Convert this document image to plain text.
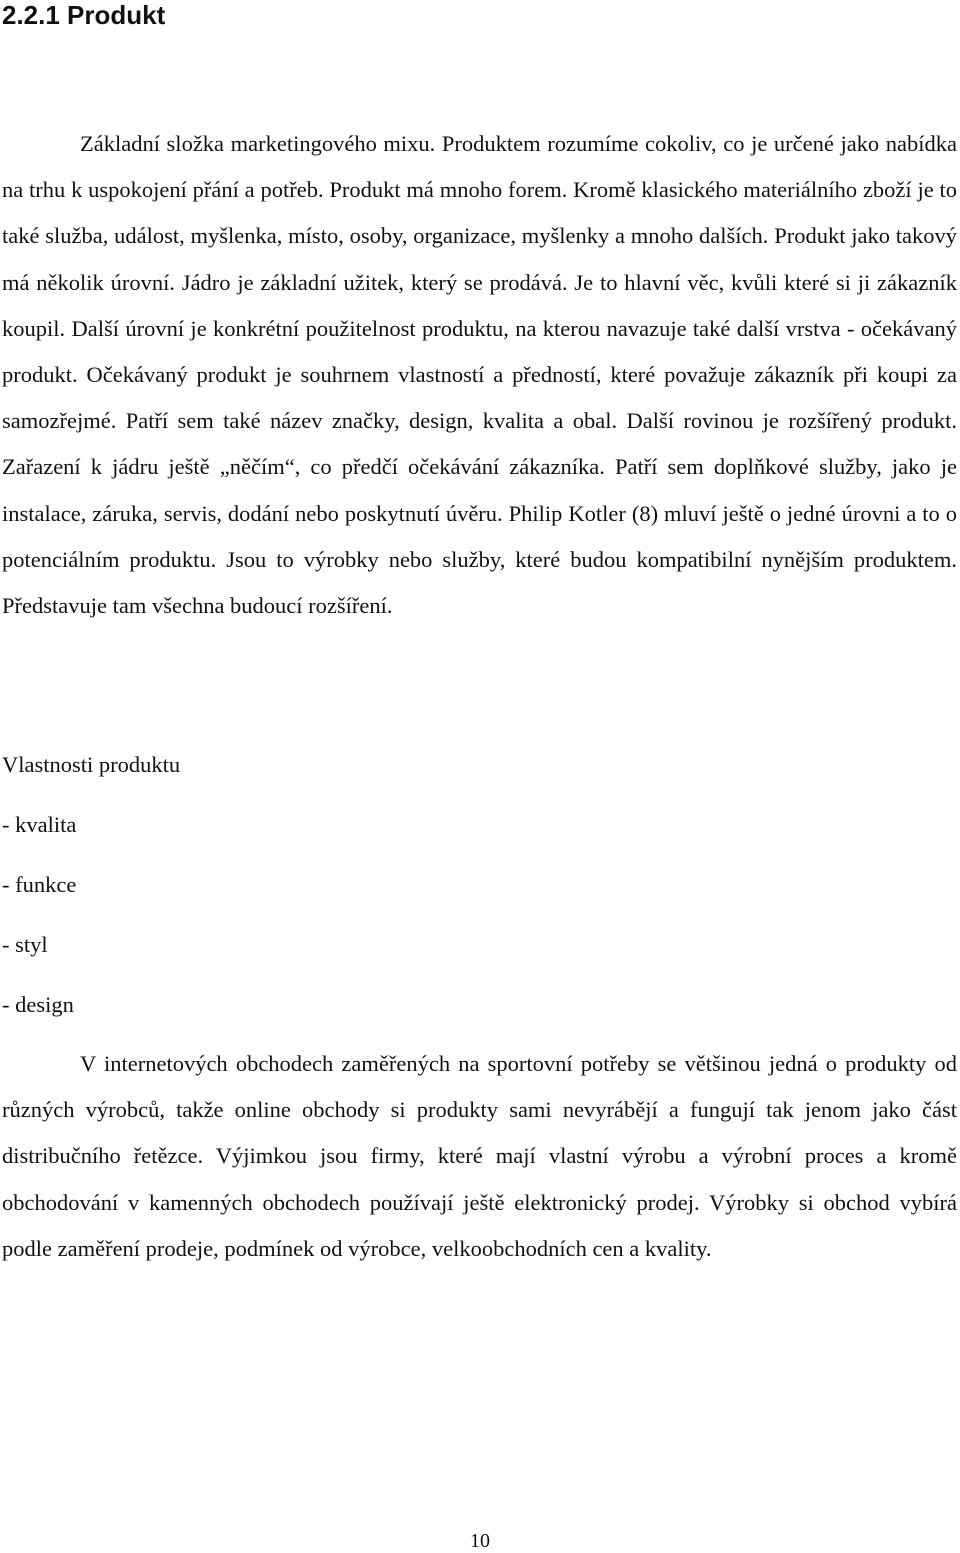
2.2.1 Produkt

Základní složka marketingového mixu. Produktem rozumíme cokoliv, co je určené jako nabídka na trhu k uspokojení přání a potřeb. Produkt má mnoho forem. Kromě klasického materiálního zboží je to také služba, událost, myšlenka, místo, osoby, organizace, myšlenky a mnoho dalších. Produkt jako takový má několik úrovní. Jádro je základní užitek, který se prodává. Je to hlavní věc, kvůli které si ji zákazník koupil. Další úrovní je konkrétní použitelnost produktu, na kterou navazuje také další vrstva - očekávaný produkt. Očekávaný produkt je souhrnem vlastností a předností, které považuje zákazník při koupi za samozřejmé. Patří sem také název značky, design, kvalita a obal. Další rovinou je rozšířený produkt. Zařazení k jádru ještě „něčím“, co předčí očekávání zákazníka. Patří sem doplňkové služby, jako je instalace, záruka, servis, dodání nebo poskytnutí úvěru. Philip Kotler (8) mluví ještě o jedné úrovni a to o potenciálním produktu. Jsou to výrobky nebo služby, které budou kompatibilní nynějším produktem. Představuje tam všechna budoucí rozšíření.

Vlastnosti produktu

- kvalita

- funkce

- styl

- design

V internetových obchodech zaměřených na sportovní potřeby se většinou jedná o produkty od různých výrobců, takže online obchody si produkty sami nevyrábějí a fungují tak jenom jako část distribučního řetězce. Výjimkou jsou firmy, které mají vlastní výrobu a výrobní proces a kromě obchodování v kamenných obchodech používají ještě elektronický prodej. Výrobky si obchod vybírá podle zaměření prodeje, podmínek od výrobce, velkoobchodních cen a kvality.

10
